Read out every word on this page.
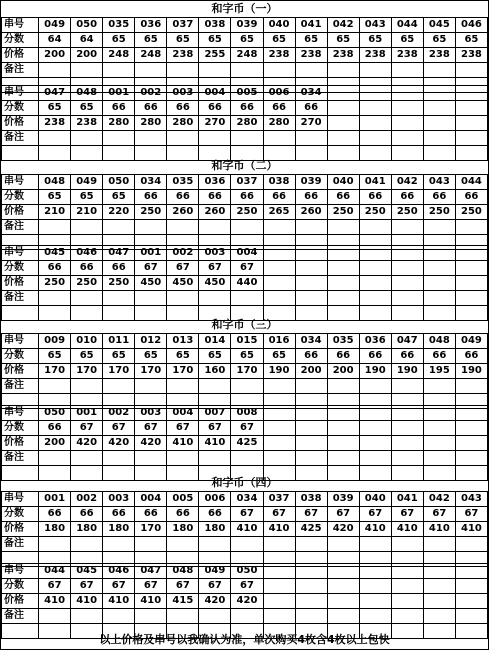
和字币（一）
串号	049	050	035	036	037	038	039	040	041	042	043	044	045	046
分数	64	64	65	65	65	65	65	65	65	65	65	65	65	65
价格	200	200	248	248	238	255	248	238	238	238	238	238	238	238
备注														

串号	047	048	001	002	003	004	005	006	034					
分数	65	65	66	66	66	66	66	66	66					
价格	238	238	280	280	280	270	280	280	270					
备注														

和字币（二）
串号	048	049	050	034	035	036	037	038	039	040	041	042	043	044
分数	65	65	65	66	66	66	66	66	66	66	66	66	66	66
价格	210	210	220	250	260	260	250	265	260	250	250	250	250	250
备注														

串号	045	046	047	001	002	003	004							
分数	66	66	66	67	67	67	67							
价格	250	250	250	450	450	450	440							
备注														

和字币（三）
串号	009	010	011	012	013	014	015	016	034	035	036	047	048	049
分数	65	65	65	65	65	65	65	65	66	66	66	66	66	66
价格	170	170	170	170	170	160	170	190	200	200	190	190	195	190
备注														

串号	050	001	002	003	004	007	008							
分数	66	67	67	67	67	67	67							
价格	200	420	420	420	410	410	425							
备注														

和字币（四）
串号	001	002	003	004	005	006	034	037	038	039	040	041	042	043
分数	66	66	66	66	66	66	67	67	67	67	67	67	67	67
价格	180	180	180	170	180	180	410	410	425	420	410	410	410	410
备注														

串号	044	045	046	047	048	049	050							
分数	67	67	67	67	67	67	67							
价格	410	410	410	410	415	420	420							
备注														

以上价格及串号以我确认为准，单次购买4枚含4枚以上包快
